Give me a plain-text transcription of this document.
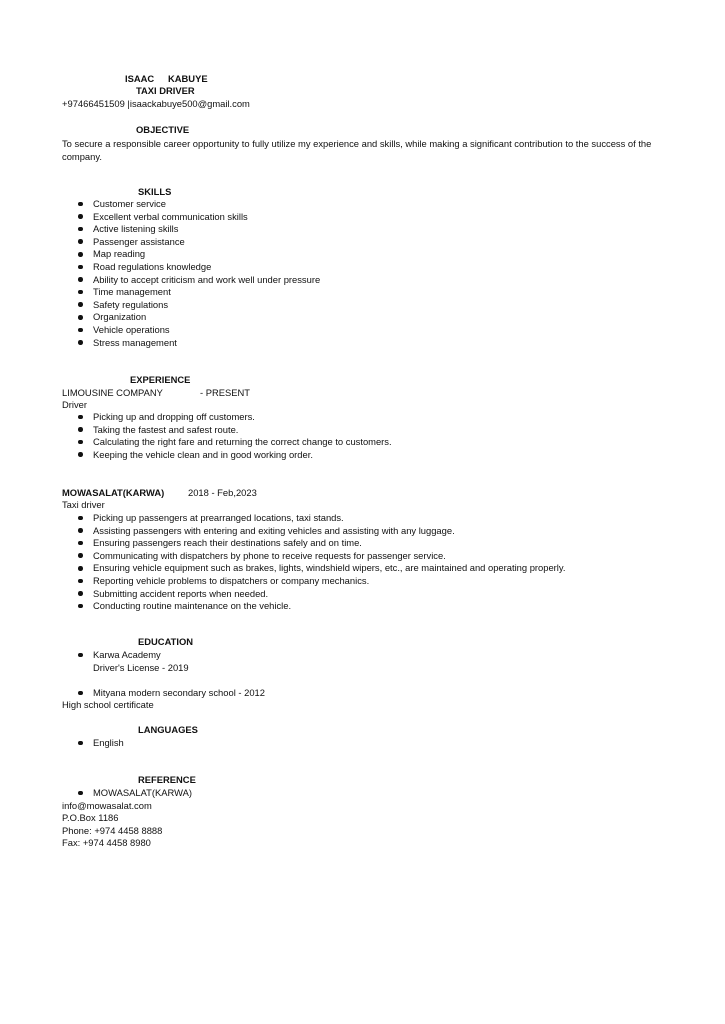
ISAAC KABUYE
TAXI DRIVER
+97466451509 |isaackabuye500@gmail.com
OBJECTIVE
To secure a responsible career opportunity to fully utilize my experience and skills, while making a significant contribution to the success of the company.
SKILLS
Customer service
Excellent verbal communication skills
Active listening skills
Passenger assistance
Map reading
Road regulations knowledge
Ability to accept criticism and work well under pressure
Time management
Safety regulations
Organization
Vehicle operations
Stress management
EXPERIENCE
LIMOUSINE COMPANY	- PRESENT
Driver
Picking up and dropping off customers.
Taking the fastest and safest route.
Calculating the right fare and returning the correct change to customers.
Keeping the vehicle clean and in good working order.
MOWASALAT(KARWA)	2018 - Feb,2023
Taxi driver
Picking up passengers at prearranged locations, taxi stands.
Assisting passengers with entering and exiting vehicles and assisting with any luggage.
Ensuring passengers reach their destinations safely and on time.
Communicating with dispatchers by phone to receive requests for passenger service.
Ensuring vehicle equipment such as brakes, lights, windshield wipers, etc., are maintained and operating properly.
Reporting vehicle problems to dispatchers or company mechanics.
Submitting accident reports when needed.
Conducting routine maintenance on the vehicle.
EDUCATION
Karwa Academy
Driver's License - 2019
Mityana modern secondary school - 2012
High school certificate
LANGUAGES
English
REFERENCE
MOWASALAT(KARWA)
info@mowasalat.com
P.O.Box 1186
Phone: +974 4458 8888
Fax: +974 4458 8980
